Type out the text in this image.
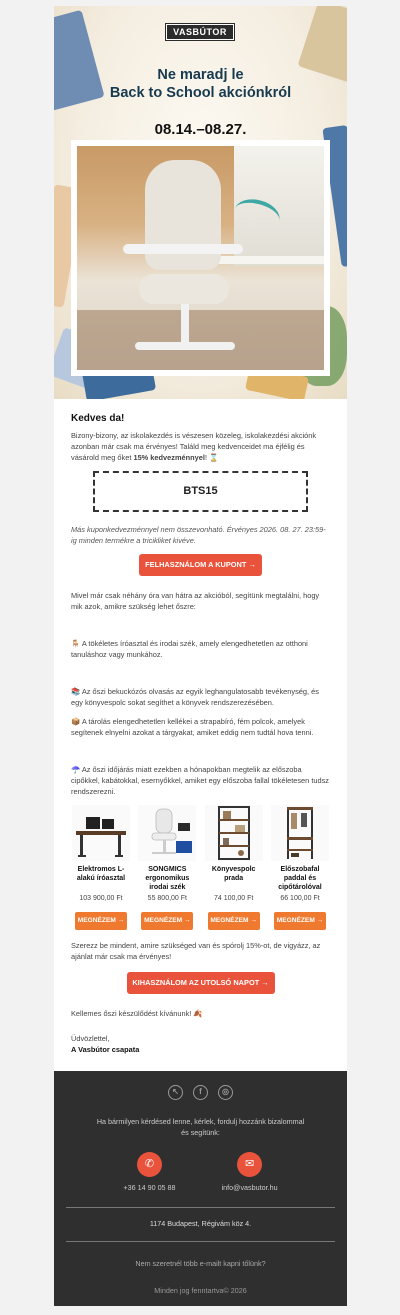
VASBÚTOR
Ne maradj le
Back to School akciónkról
08.14.–08.27.
Kedves da!
Bizony-bizony, az iskolakezdés is vészesen közeleg, iskolakezdési akciónk azonban már csak ma érvényes! Találd meg kedvenceidet ma éjfélig és vásárold meg őket 15% kedvezménnyel! ⌛
BTS15
Más kuponkedvezménnyel nem összevonható. Érvényes 2026. 08. 27. 23:59-ig minden termékre a tricikliket kivéve.
FELHASZNÁLOM A KUPONT →
Mivel már csak néhány óra van hátra az akcióból, segítünk megtalálni, hogy mik azok, amikre szükség lehet őszre:
🪑 A tökéletes íróasztal és irodai szék, amely elengedhetetlen az otthoni tanuláshoz vagy munkához.
📚 Az őszi bekuckózós olvasás az egyik leghangulatosabb tevékenység, és egy könyvespolc sokat segíthet a könyvek rendszerezésében.
📦 A tárolás elengedhetetlen kellékei a strapabíró, fém polcok, amelyek segítenek elnyelni azokat a tárgyakat, amiket eddig nem tudtál hova tenni.
☂️ Az őszi időjárás miatt ezekben a hónapokban megtelik az előszoba cipőkkel, kabátokkal, esernyőkkel, amiket egy előszoba fallal tökéletesen tudsz rendszerezni.
Elektromos L-alakú íróasztal
103 900,00 Ft
MEGNÉZEM →
SONGMICS ergonomikus irodai szék
55 800,00 Ft
MEGNÉZEM →
Könyvespolc prada
74 100,00 Ft
MEGNÉZEM →
Előszobafal paddal és cipőtárolóval
66 100,00 Ft
MEGNÉZEM →
Szerezz be mindent, amire szükséged van és spórolj 15%-ot, de vigyázz, az ajánlat már csak ma érvényes!
KIHASZNÁLOM AZ UTOLSÓ NAPOT →
Kellemes őszi készülődést kívánunk! 🍂
Üdvözlettel,
A Vasbútor csapata
↖	f	◎
Ha bármilyen kérdésed lenne, kérlek, fordulj hozzánk bizalommal és segítünk:
✆
+36 14 90 05 88
✉
info@vasbutor.hu
1174 Budapest, Régivám köz 4.
Nem szeretnél több e-mailt kapni tőlünk?
Minden jog fenntartva© 2026
